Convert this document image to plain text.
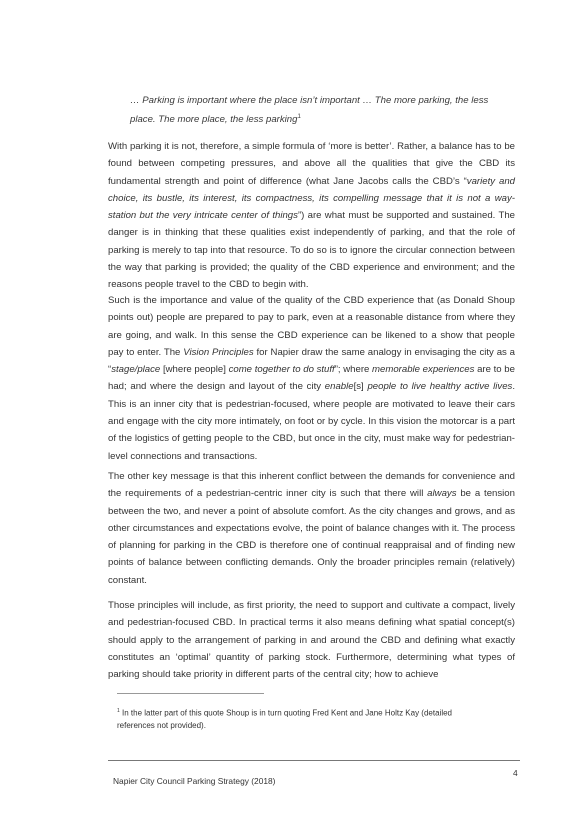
… Parking is important where the place isn’t important … The more parking, the less place. The more place, the less parking$^1$

With parking it is not, therefore, a simple formula of ‘more is better’. Rather, a balance has to be found between competing pressures, and above all the qualities that give the CBD its fundamental strength and point of difference (what Jane Jacobs calls the CBD’s “variety and choice, its bustle, its interest, its compactness, its compelling message that it is not a way-station but the very intricate center of things”) are what must be supported and sustained. The danger is in thinking that these qualities exist independently of parking, and that the role of parking is merely to tap into that resource. To do so is to ignore the circular connection between the way that parking is provided; the quality of the CBD experience and environment; and the reasons people travel to the CBD to begin with.

Such is the importance and value of the quality of the CBD experience that (as Donald Shoup points out) people are prepared to pay to park, even at a reasonable distance from where they are going, and walk. In this sense the CBD experience can be likened to a show that people pay to enter. The Vision Principles for Napier draw the same analogy in envisaging the city as a “stage/place [where people] come together to do stuff”; where memorable experiences are to be had; and where the design and layout of the city enable[s] people to live healthy active lives. This is an inner city that is pedestrian-focused, where people are motivated to leave their cars and engage with the city more intimately, on foot or by cycle. In this vision the motorcar is a part of the logistics of getting people to the CBD, but once in the city, must make way for pedestrian-level connections and transactions.

The other key message is that this inherent conflict between the demands for convenience and the requirements of a pedestrian-centric inner city is such that there will always be a tension between the two, and never a point of absolute comfort. As the city changes and grows, and as other circumstances and expectations evolve, the point of balance changes with it. The process of planning for parking in the CBD is therefore one of continual reappraisal and of finding new points of balance between conflicting demands. Only the broader principles remain (relatively) constant.

Those principles will include, as first priority, the need to support and cultivate a compact, lively and pedestrian-focused CBD. In practical terms it also means defining what spatial concept(s) should apply to the arrangement of parking in and around the CBD and defining what exactly constitutes an ‘optimal’ quantity of parking stock. Furthermore, determining what types of parking should take priority in different parts of the central city; how to achieve

$^1$ In the latter part of this quote Shoup is in turn quoting Fred Kent and Jane Holtz Kay (detailed references not provided).

Napier City Council Parking Strategy (2018)
4
